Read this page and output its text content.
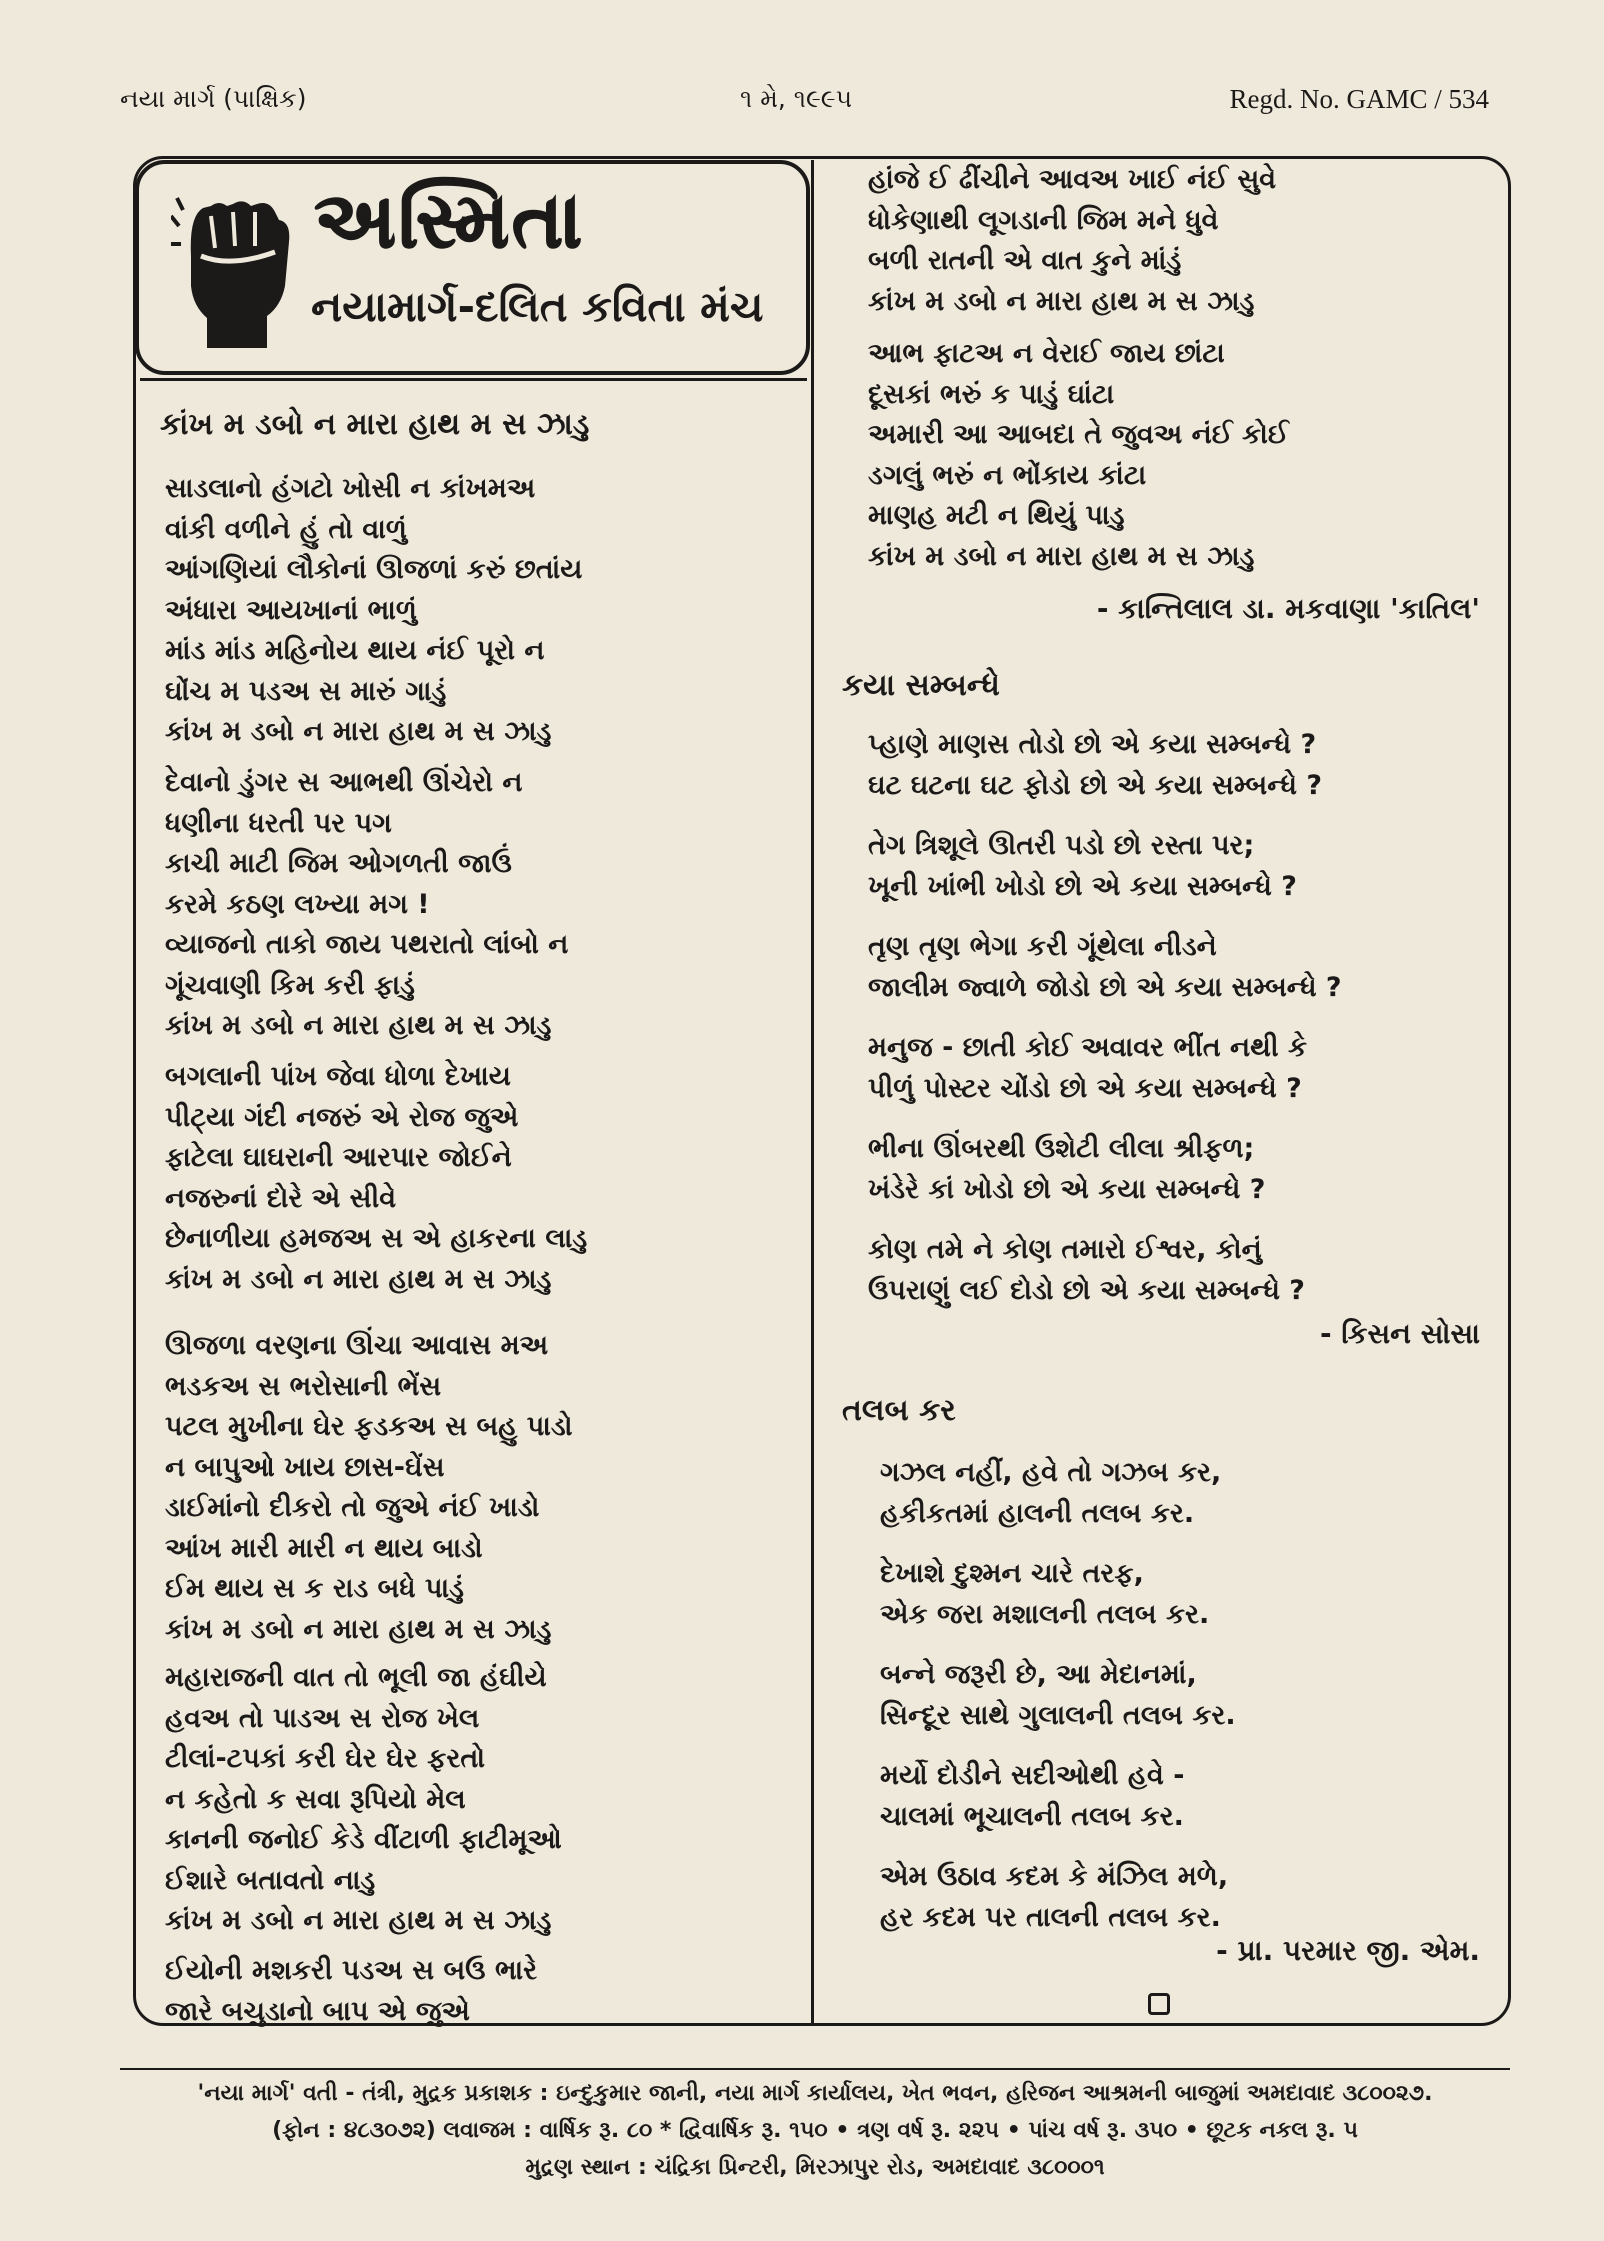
નયા માર્ગ (પાક્ષિક)	૧ મે, ૧૯૯૫	Regd. No. GAMC / 534
અસ્મિતા
નયામાર્ગ-દલિત કવિતા મંચ
કાંખ મ ડબો ન મારા હાથ મ સ ઝાડુ
સાડલાનો હંગટો ખોસી ન કાંખમઅ
વાંકી વળીને હું તો વાળું
આંગણિયાં લૌકોનાં ઊજળાં કરું છતાંય
અંધારા આયખાનાં ભાળું
માંડ માંડ મહિનોય થાય નંઈ પૂરો ન
ઘોંચ મ પડઅ સ મારું ગાડું
કાંખ મ ડબો ન મારા હાથ મ સ ઝાડુ
દેવાનો ડુંગર સ આભથી ઊંચેરો ન
ધણીના ધરતી પર પગ
કાચી માટી જિમ ઓગળતી જાઉં
કરમે કઠણ લખ્યા મગ !
વ્યાજનો તાકો જાય પથરાતો લાંબો ન
ગૂંચવાણી કિમ કરી ફાડું
કાંખ મ ડબો ન મારા હાથ મ સ ઝાડુ
બગલાની પાંખ જેવા ધોળા દેખાય
પીટ્યા ગંદી નજરું એ રોજ જુએ
ફાટેલા ઘાઘરાની આરપાર જોઈને
નજરુનાં દોરે એ સીવે
છેનાળીયા હમજઅ સ એ હાકરના લાડુ
કાંખ મ ડબો ન મારા હાથ મ સ ઝાડુ
ઊજળા વરણના ઊંચા આવાસ મઅ
ભડકઅ સ ભરોસાની ભેંસ
પટલ મુખીના ઘેર ફડકઅ સ બહુ પાડો
ન બાપુઓ ખાય છાસ-ઘેંસ
ડાઈમાંનો દીકરો તો જુએ નંઈ ખાડો
આંખ મારી મારી ન થાય બાડો
ઈમ થાય સ ક રાડ બધે પાડું
કાંખ મ ડબો ન મારા હાથ મ સ ઝાડુ
મહારાજની વાત તો ભૂલી જા હંઘીયે
હવઅ તો પાડઅ સ રોજ ખેલ
ટીલાં-ટપકાં કરી ઘેર ઘેર ફરતો
ન કહેતો ક સવા રૂપિયો મેલ
કાનની જનોઈ કેડે વીંટાળી ફાટીમૂઓ
ઈશારે બતાવતો નાડુ
કાંખ મ ડબો ન મારા હાથ મ સ ઝાડુ
ઈયોની મશકરી પડઅ સ બઉ ભારે
જારે બચુડાનો બાપ એ જુએ
હાંજે ઈ ઢીંચીને આવઅ ખાઈ નંઈ સુવે
ધોકેણાથી લૂગડાની જિમ મને ધુવે
બળી રાતની એ વાત કુને માંડું
કાંખ મ ડબો ન મારા હાથ મ સ ઝાડુ
આભ ફાટઅ ન વેરાઈ જાય છાંટા
દૂસકાં ભરું ક પાડું ઘાંટા
અમારી આ આબદા તે જુવઅ નંઈ કોઈ
ડગલું ભરું ન ભોંકાય કાંટા
માણહ મટી ન થિયું પાડુ
કાંખ મ ડબો ન મારા હાથ મ સ ઝાડુ
- કાન્તિલાલ ડા. મકવાણા 'કાતિલ'
કયા સમ્બન્ધે
પ્હાણે માણસ તોડો છો એ કયા સમ્બન્ધે ?
ઘટ ઘટના ઘટ ફોડો છો એ કયા સમ્બન્ધે ?
તેગ ત્રિશૂલે ઊતરી પડો છો રસ્તા પર;
ખૂની ખાંભી ખોડો છો એ કયા સમ્બન્ધે ?
તૃણ તૃણ ભેગા કરી ગૂંથેલા નીડને
જાલીમ જ્વાળે જોડો છો એ કયા સમ્બન્ધે ?
મનુજ - છાતી કોઈ અવાવર ભીંત નથી કે
પીળું પોસ્ટર ચોંડો છો એ કયા સમ્બન્ધે ?
ભીના ઊંબરથી ઉશેટી લીલા શ્રીફળ;
ખંડેરે કાં ખોડો છો એ કયા સમ્બન્ધે ?
કોણ તમે ને કોણ તમારો ઈશ્વર, કોનું
ઉપરાણું લઈ દોડો છો એ કયા સમ્બન્ધે ?
- કિસન સોસા
તલબ કર
ગઝલ નહીં, હવે તો ગઝબ કર,
હકીકતમાં હાલની તલબ કર.
દેખાશે દુશ્મન ચારે તરફ,
એક જરા મશાલની તલબ કર.
બન્ને જરૂરી છે, આ મેદાનમાં,
સિન્દૂર સાથે ગુલાલની તલબ કર.
મર્યો દોડીને સદીઓથી હવે -
ચાલમાં ભૂચાલની તલબ કર.
એમ ઉઠાવ કદમ કે મંઝિલ મળે,
હર કદમ પર તાલની તલબ કર.
- પ્રા. પરમાર જી. એમ.
'નયા માર્ગ' વતી - તંત્રી, મુદ્રક પ્રકાશક : ઇન્દુકુમાર જાની, નયા માર્ગ કાર્યાલય, ખેત ભવન, હરિજન આશ્રમની બાજુમાં અમદાવાદ ૩૮૦૦૨૭.
(ફોન : ૪૮૩૦૭૨) લવાજમ : વાર્ષિક રૂ. ૮૦ * દ્વિવાર્ષિક રૂ. ૧૫૦ • ત્રણ વર્ષ રૂ. ૨૨૫ • પાંચ વર્ષ રૂ. ૩૫૦ • છૂટક નકલ રૂ. ૫
મુદ્રણ સ્થાન : ચંદ્રિકા પ્રિન્ટરી, મિરઝાપુર રોડ, અમદાવાદ ૩૮૦૦૦૧
